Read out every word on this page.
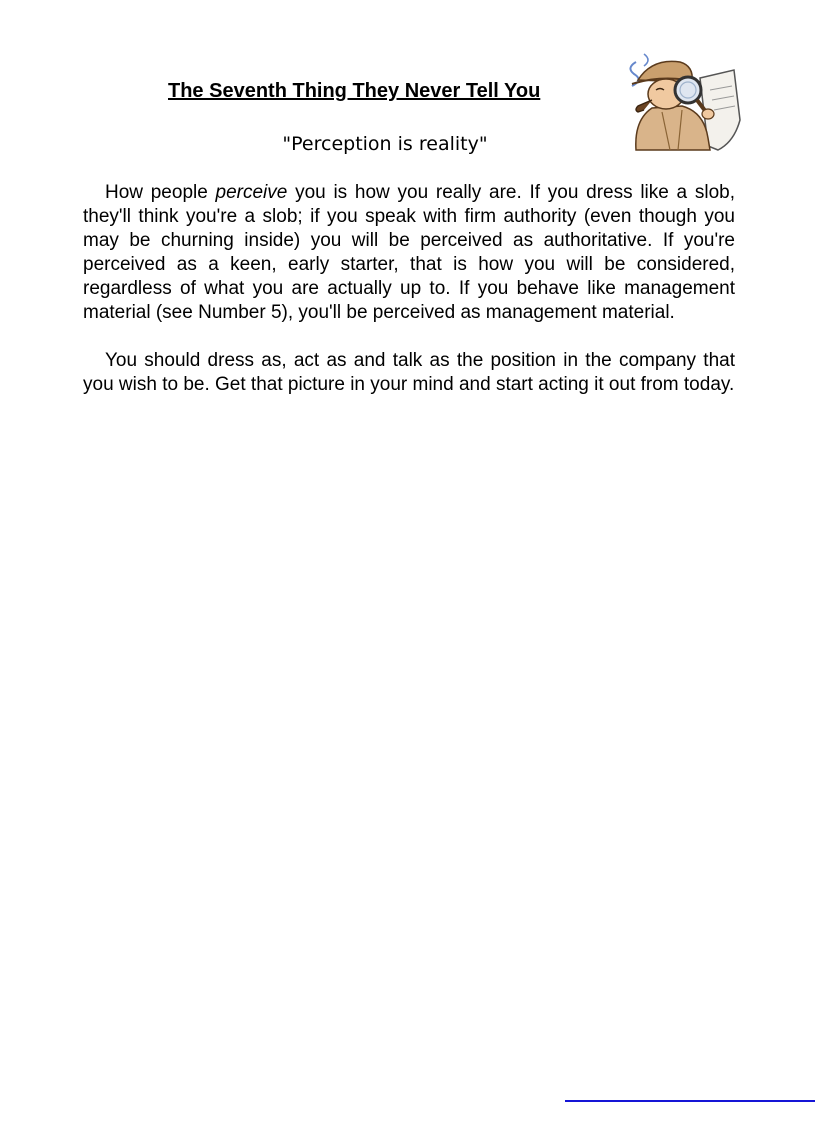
The Seventh Thing They Never Tell You

"Perception is reality"

How people perceive you is how you really are. If you dress like a slob, they'll think you're a slob; if you speak with firm authority (even though you may be churning inside) you will be perceived as authoritative. If you're perceived as a keen, early starter, that is how you will be considered, regardless of what you are actually up to. If you behave like management material (see Number 5), you'll be perceived as management material.

You should dress as, act as and talk as the position in the company that you wish to be. Get that picture in your mind and start acting it out from today.
